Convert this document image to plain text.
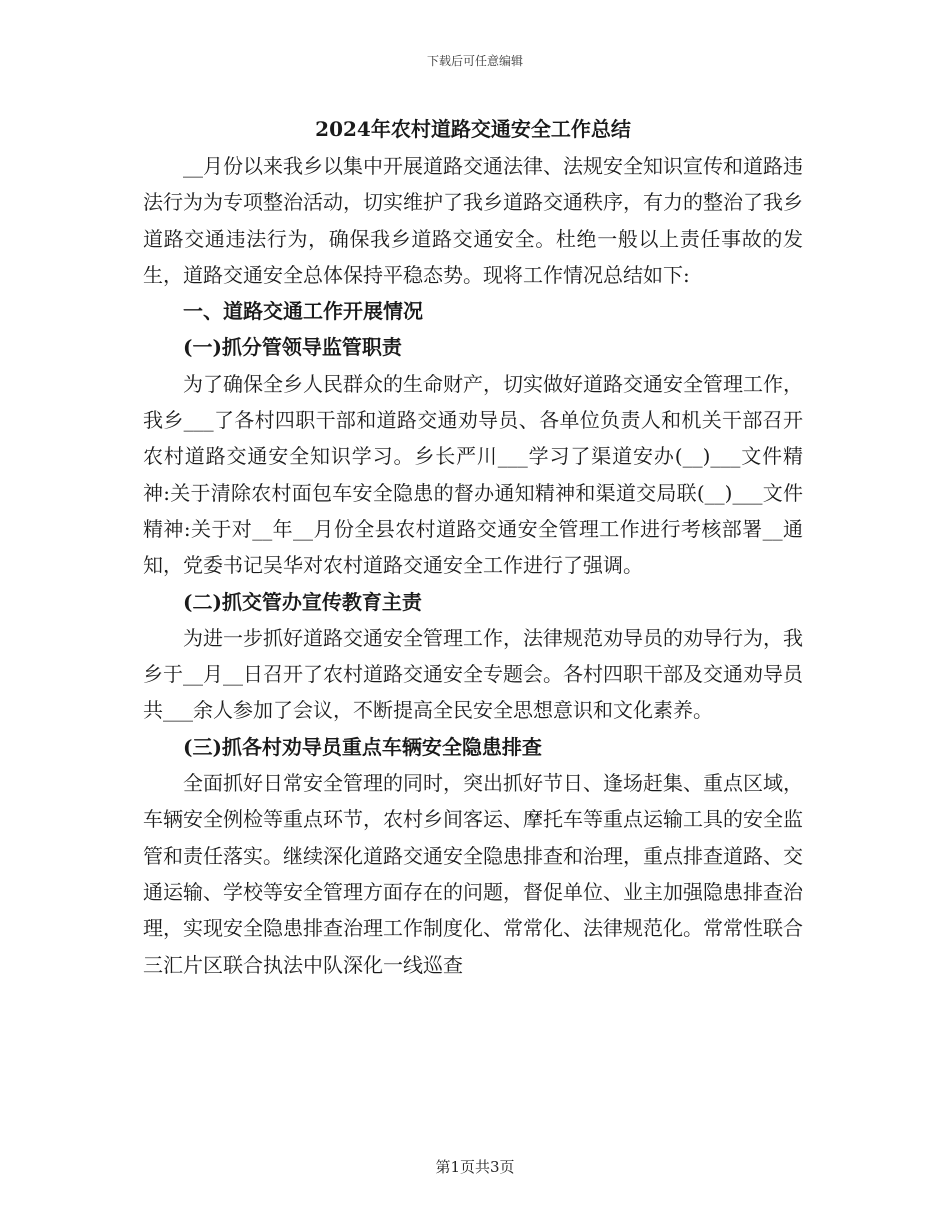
下载后可任意编辑
2024年农村道路交通安全工作总结

__月份以来我乡以集中开展道路交通法律、法规安全知识宣传和道路违法行为为专项整治活动，切实维护了我乡道路交通秩序，有力的整治了我乡道路交通违法行为，确保我乡道路交通安全。杜绝一般以上责任事故的发生，道路交通安全总体保持平稳态势。现将工作情况总结如下:

一、道路交通工作开展情况

(一)抓分管领导监管职责

为了确保全乡人民群众的生命财产，切实做好道路交通安全管理工作，我乡___了各村四职干部和道路交通劝导员、各单位负责人和机关干部召开农村道路交通安全知识学习。乡长严川___学习了渠道安办(__)___文件精神:关于清除农村面包车安全隐患的督办通知精神和渠道交局联(__)___文件精神:关于对__年__月份全县农村道路交通安全管理工作进行考核部署__通知，党委书记吴华对农村道路交通安全工作进行了强调。

(二)抓交管办宣传教育主责

为进一步抓好道路交通安全管理工作，法律规范劝导员的劝导行为，我乡于__月__日召开了农村道路交通安全专题会。各村四职干部及交通劝导员共___余人参加了会议，不断提高全民安全思想意识和文化素养。

(三)抓各村劝导员重点车辆安全隐患排查

全面抓好日常安全管理的同时，突出抓好节日、逢场赶集、重点区域，车辆安全例检等重点环节，农村乡间客运、摩托车等重点运输工具的安全监管和责任落实。继续深化道路交通安全隐患排查和治理，重点排查道路、交通运输、学校等安全管理方面存在的问题，督促单位、业主加强隐患排查治理，实现安全隐患排查治理工作制度化、常常化、法律规范化。常常性联合三汇片区联合执法中队深化一线巡查

第1页共3页
